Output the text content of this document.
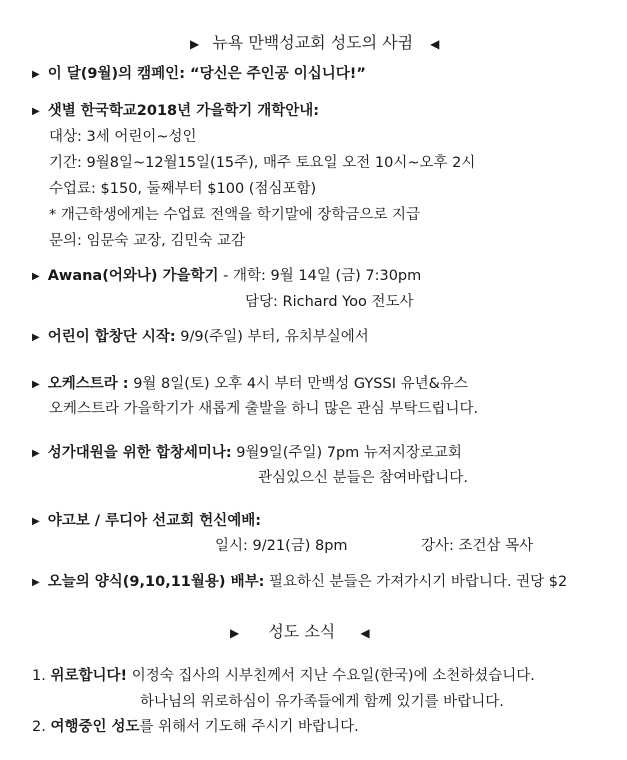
▶ 뉴욕 만백성교회 성도의 사귐 ◀
▶ 이 달(9월)의 캠페인: “당신은 주인공 이십니다!”
▶ 샛별 한국학교2018년 가을학기 개학안내:
대상: 3세 어린이~성인
기간: 9월8일~12월15일(15주), 매주 토요일 오전 10시~오후 2시
수업료: $150, 둘째부터 $100 (점심포함)
* 개근학생에게는 수업료 전액을 학기말에 장학금으로 지급
문의: 임문숙 교장, 김민숙 교감
▶ Awana(어와나) 가을학기 - 개학: 9월 14일 (금) 7:30pm
담당: Richard Yoo 전도사
▶ 어린이 합창단 시작: 9/9(주일) 부터, 유치부실에서
▶ 오케스트라 : 9월 8일(토) 오후 4시 부터 만백성 GYSSI 유년&유스
오케스트라 가을학기가 새롭게 출발을 하니 많은 관심 부탁드립니다.
▶ 성가대원을 위한 합창세미나: 9월9일(주일) 7pm 뉴저지장로교회
관심있으신 분들은 참여바랍니다.
▶ 야고보 / 루디아 선교회 헌신예배:
일시: 9/21(금) 8pm	강사: 조건삼 목사
▶ 오늘의 양식(9,10,11월용) 배부: 필요하신 분들은 가져가시기 바랍니다. 권당 $2
▶ 성도 소식 ◀
1. 위로합니다! 이정숙 집사의 시부친께서 지난 수요일(한국)에 소천하셨습니다.
하나님의 위로하심이 유가족들에게 함께 있기를 바랍니다.
2. 여행중인 성도를 위해서 기도해 주시기 바랍니다.
